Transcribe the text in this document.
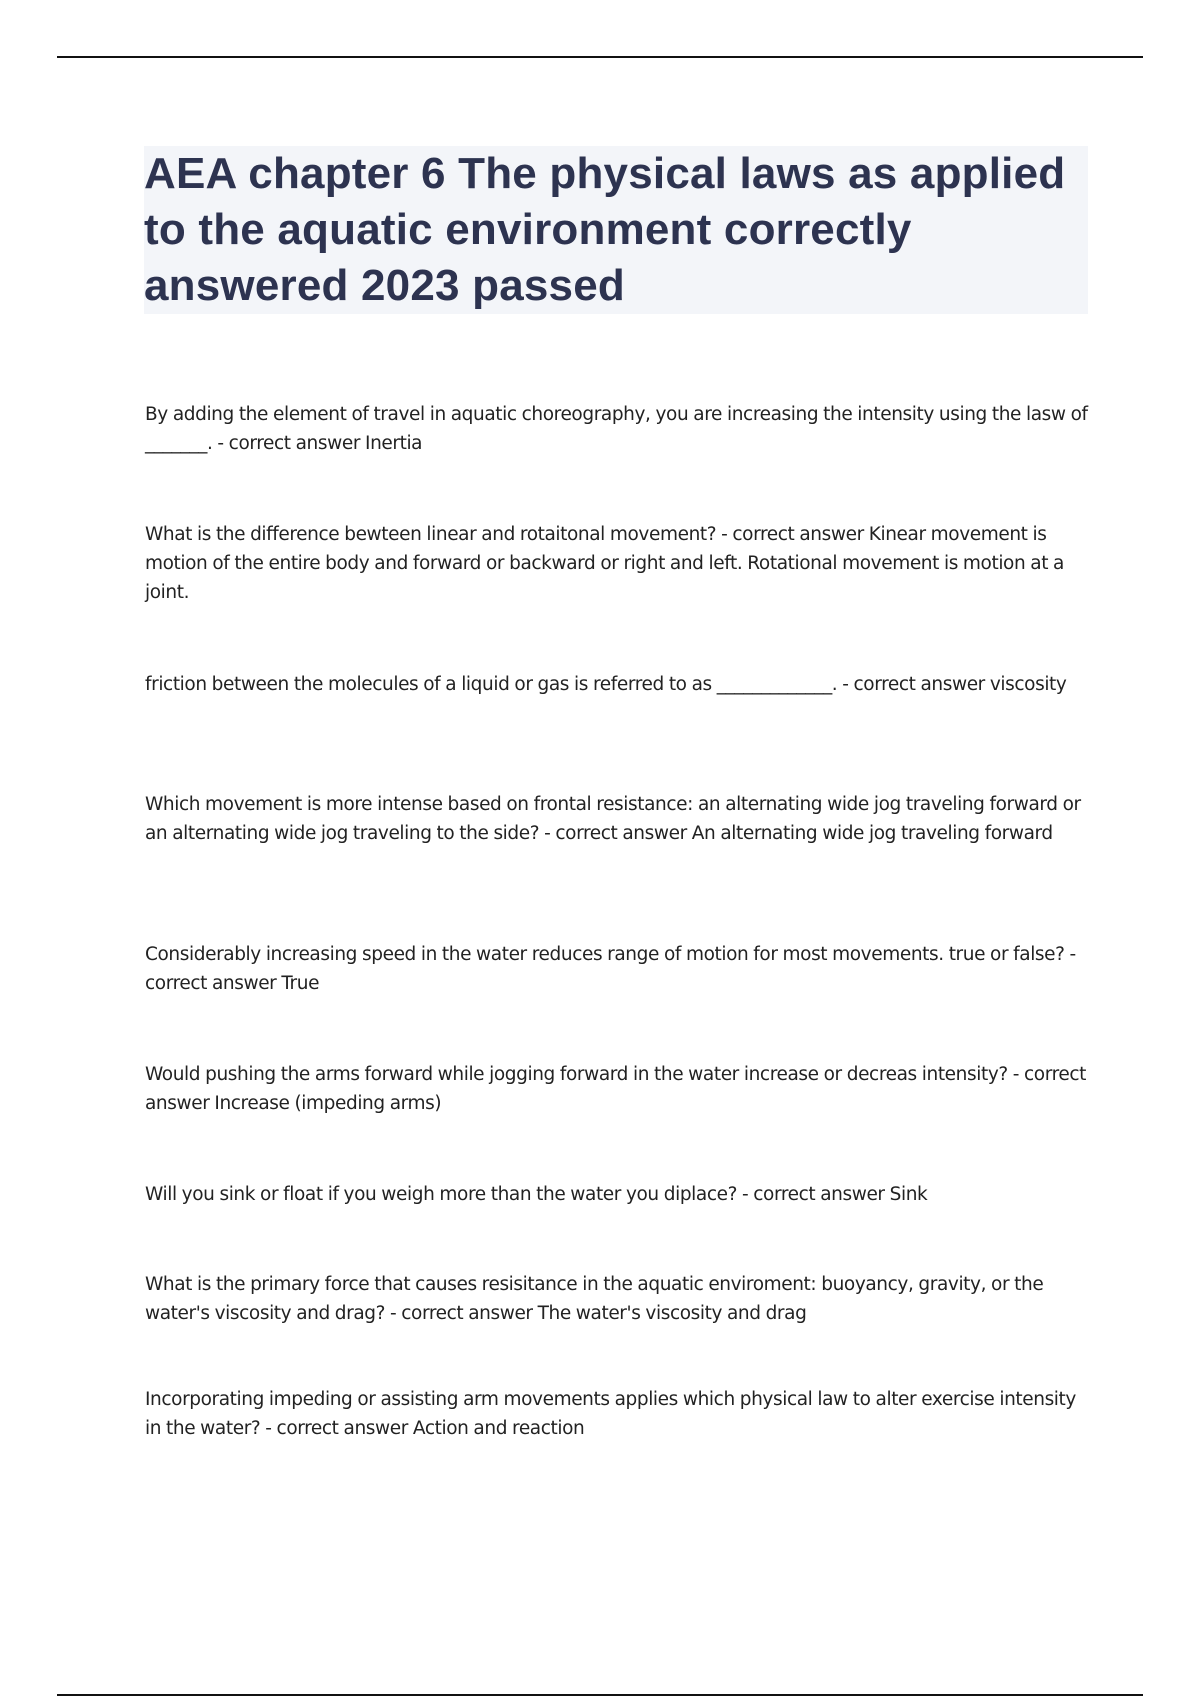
AEA chapter 6 The physical laws as applied to the aquatic environment correctly answered 2023 passed

By adding the element of travel in aquatic choreography, you are increasing the intensity using the lasw of _______. - correct answer Inertia

What is the difference bewteen linear and rotaitonal movement? - correct answer Kinear movement is motion of the entire body and forward or backward or right and left. Rotational movement is motion at a joint.

friction between the molecules of a liquid or gas is referred to as _____________. - correct answer viscosity

Which movement is more intense based on frontal resistance: an alternating wide jog traveling forward or an alternating wide jog traveling to the side? - correct answer An alternating wide jog traveling forward

Considerably increasing speed in the water reduces range of motion for most movements. true or false? - correct answer True

Would pushing the arms forward while jogging forward in the water increase or decreas intensity? - correct answer Increase (impeding arms)

Will you sink or float if you weigh more than the water you diplace? - correct answer Sink

What is the primary force that causes resisitance in the aquatic enviroment: buoyancy, gravity, or the water's viscosity and drag? - correct answer The water's viscosity and drag

Incorporating impeding or assisting arm movements applies which physical law to alter exercise intensity in the water? - correct answer Action and reaction
